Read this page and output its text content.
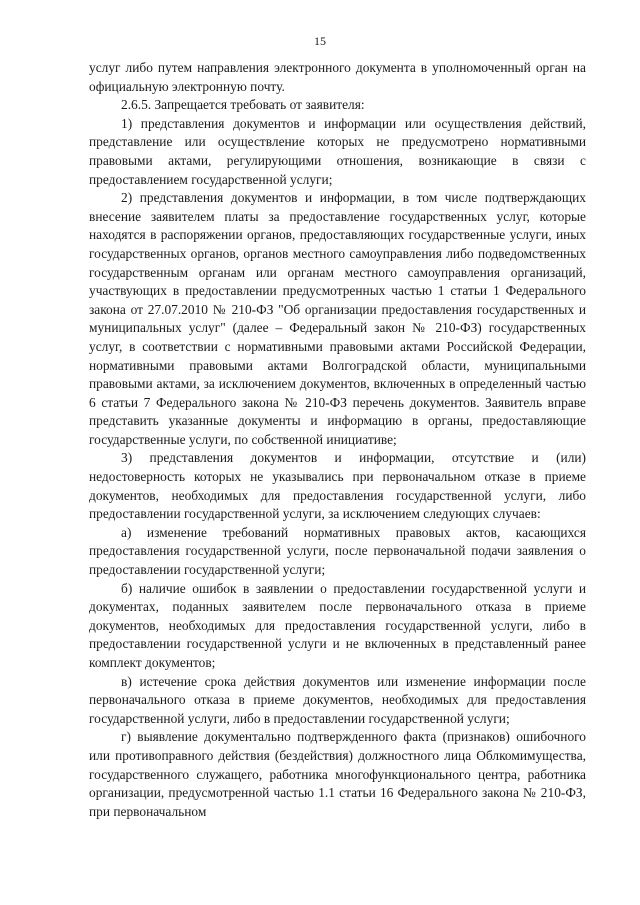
15

услуг либо путем направления электронного документа в уполномоченный орган на официальную электронную почту.

2.6.5. Запрещается требовать от заявителя:

1) представления документов и информации или осуществления действий, представление или осуществление которых не предусмотрено нормативными правовыми актами, регулирующими отношения, возникающие в связи с предоставлением государственной услуги;

2) представления документов и информации, в том числе подтверждающих внесение заявителем платы за предоставление государственных услуг, которые находятся в распоряжении органов, предоставляющих государственные услуги, иных государственных органов, органов местного самоуправления либо подведомственных государственным органам или органам местного самоуправления организаций, участвующих в предоставлении предусмотренных частью 1 статьи 1 Федерального закона от 27.07.2010 № 210-ФЗ "Об организации предоставления государственных и муниципальных услуг" (далее – Федеральный закон № 210-ФЗ) государственных услуг, в соответствии с нормативными правовыми актами Российской Федерации, нормативными правовыми актами Волгоградской области, муниципальными правовыми актами, за исключением документов, включенных в определенный частью 6 статьи 7 Федерального закона № 210-ФЗ перечень документов. Заявитель вправе представить указанные документы и информацию в органы, предоставляющие государственные услуги, по собственной инициативе;

3) представления документов и информации, отсутствие и (или) недостоверность которых не указывались при первоначальном отказе в приеме документов, необходимых для предоставления государственной услуги, либо предоставлении государственной услуги, за исключением следующих случаев:

а) изменение требований нормативных правовых актов, касающихся предоставления государственной услуги, после первоначальной подачи заявления о предоставлении государственной услуги;

б) наличие ошибок в заявлении о предоставлении государственной услуги и документах, поданных заявителем после первоначального отказа в приеме документов, необходимых для предоставления государственной услуги, либо в предоставлении государственной услуги и не включенных в представленный ранее комплект документов;

в) истечение срока действия документов или изменение информации после первоначального отказа в приеме документов, необходимых для предоставления государственной услуги, либо в предоставлении государственной услуги;

г) выявление документально подтвержденного факта (признаков) ошибочного или противоправного действия (бездействия) должностного лица Облкомимущества, государственного служащего, работника многофункционального центра, работника организации, предусмотренной частью 1.1 статьи 16 Федерального закона № 210-ФЗ, при первоначальном
